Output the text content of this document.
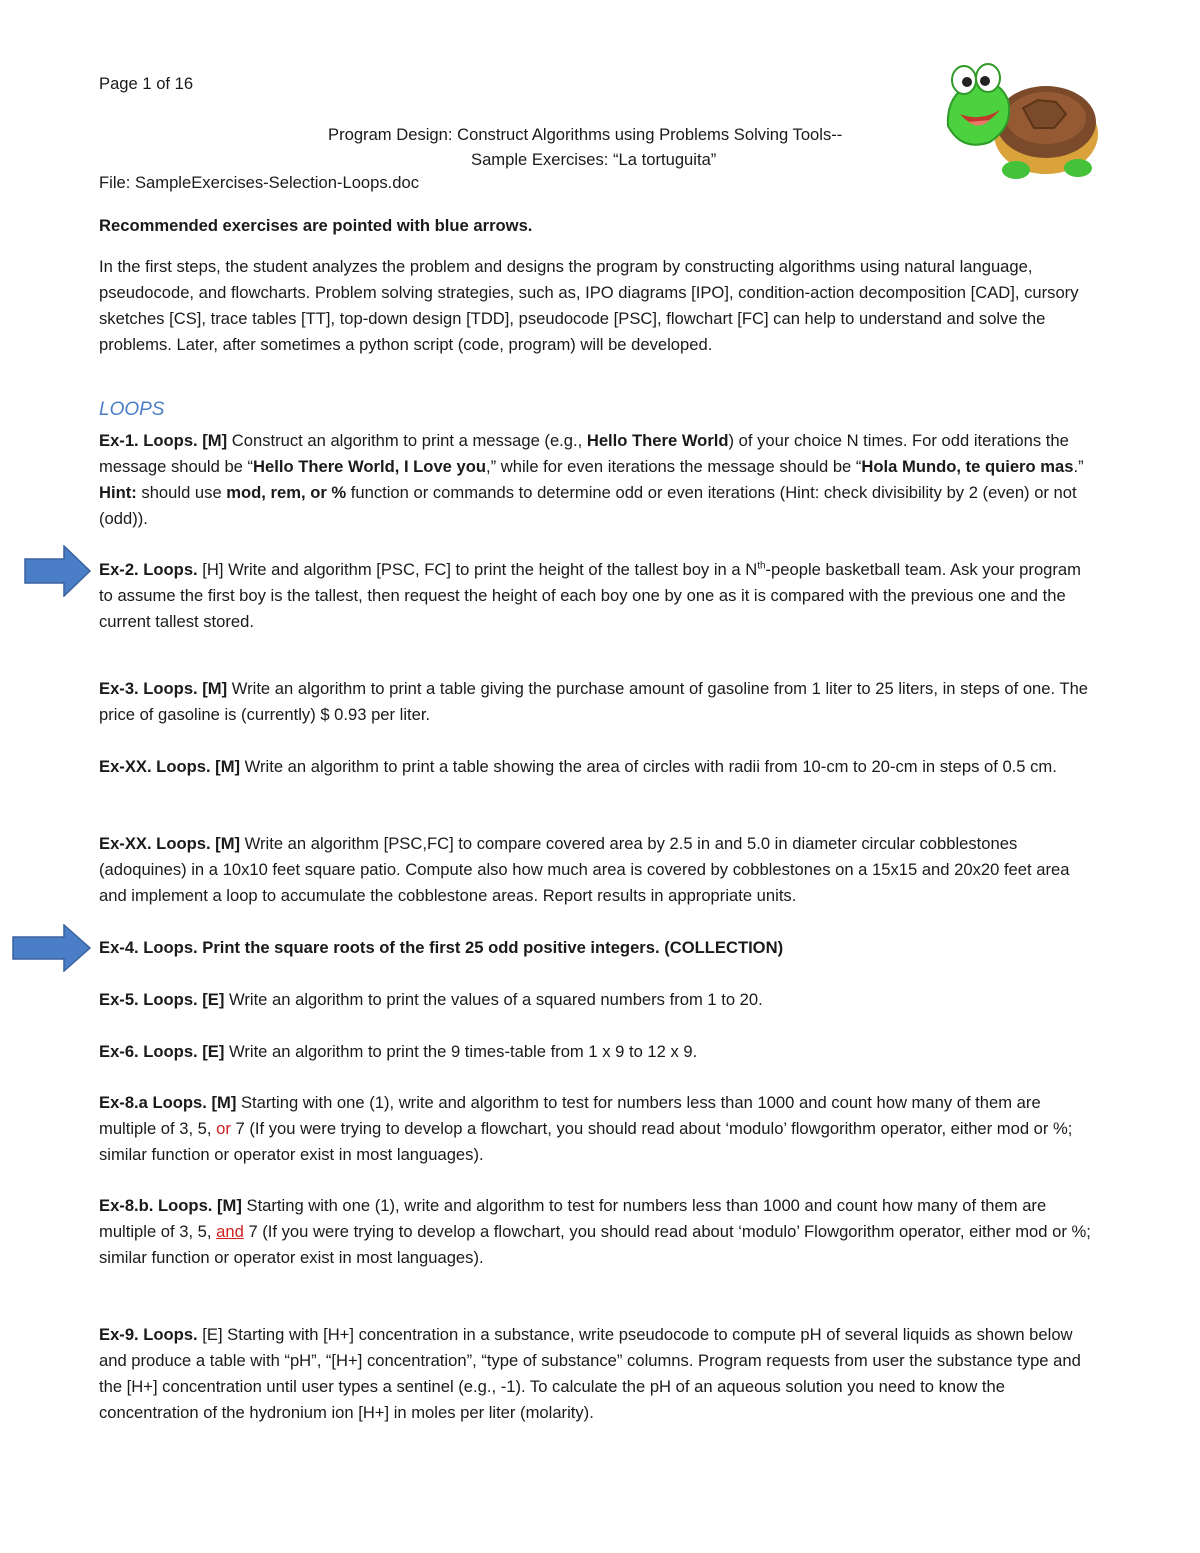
Page 1 of 16
Program Design: Construct Algorithms using Problems Solving Tools--
Sample Exercises: “La tortuguita”
File: SampleExercises-Selection-Loops.doc

Recommended exercises are pointed with blue arrows.

In the first steps, the student analyzes the problem and designs the program by constructing algorithms using natural language, pseudocode, and flowcharts. Problem solving strategies, such as, IPO diagrams [IPO], condition-action decomposition [CAD], cursory sketches [CS], trace tables [TT], top-down design [TDD], pseudocode [PSC], flowchart [FC] can help to understand and solve the problems. Later, after sometimes a python script (code, program) will be developed.

LOOPS

Ex-1. Loops. [M] Construct an algorithm to print a message (e.g., Hello There World) of your choice N times. For odd iterations the message should be “Hello There World, I Love you,” while for even iterations the message should be “Hola Mundo, te quiero mas.” Hint: should use mod, rem, or % function or commands to determine odd or even iterations (Hint: check divisibility by 2 (even) or not (odd)).

Ex-2. Loops. [H] Write and algorithm [PSC, FC] to print the height of the tallest boy in a $N^{th}$-people basketball team. Ask your program to assume the first boy is the tallest, then request the height of each boy one by one as it is compared with the previous one and the current tallest stored.

Ex-3. Loops. [M] Write an algorithm to print a table giving the purchase amount of gasoline from 1 liter to 25 liters, in steps of one. The price of gasoline is (currently) $ 0.93 per liter.

Ex-XX. Loops. [M] Write an algorithm to print a table showing the area of circles with radii from 10-cm to 20-cm in steps of 0.5 cm.

Ex-XX. Loops. [M] Write an algorithm [PSC,FC] to compare covered area by 2.5 in and 5.0 in diameter circular cobblestones (adoquines) in a 10x10 feet square patio. Compute also how much area is covered by cobblestones on a 15x15 and 20x20 feet area and implement a loop to accumulate the cobblestone areas. Report results in appropriate units.

Ex-4. Loops. Print the square roots of the first 25 odd positive integers. (COLLECTION)

Ex-5. Loops. [E] Write an algorithm to print the values of a squared numbers from 1 to 20.

Ex-6. Loops. [E] Write an algorithm to print the 9 times-table from 1 x 9 to 12 x 9.

Ex-8.a Loops. [M] Starting with one (1), write and algorithm to test for numbers less than 1000 and count how many of them are multiple of 3, 5, or 7 (If you were trying to develop a flowchart, you should read about ‘modulo’ flowgorithm operator, either mod or %; similar function or operator exist in most languages).

Ex-8.b. Loops. [M] Starting with one (1), write and algorithm to test for numbers less than 1000 and count how many of them are multiple of 3, 5, and 7 (If you were trying to develop a flowchart, you should read about ‘modulo’ Flowgorithm operator, either mod or %; similar function or operator exist in most languages).

Ex-9. Loops. [E] Starting with [H+] concentration in a substance, write pseudocode to compute pH of several liquids as shown below and produce a table with “pH”, “[H+] concentration”, “type of substance” columns. Program requests from user the substance type and the [H+] concentration until user types a sentinel (e.g., -1). To calculate the pH of an aqueous solution you need to know the concentration of the hydronium ion [H+] in moles per liter (molarity).
